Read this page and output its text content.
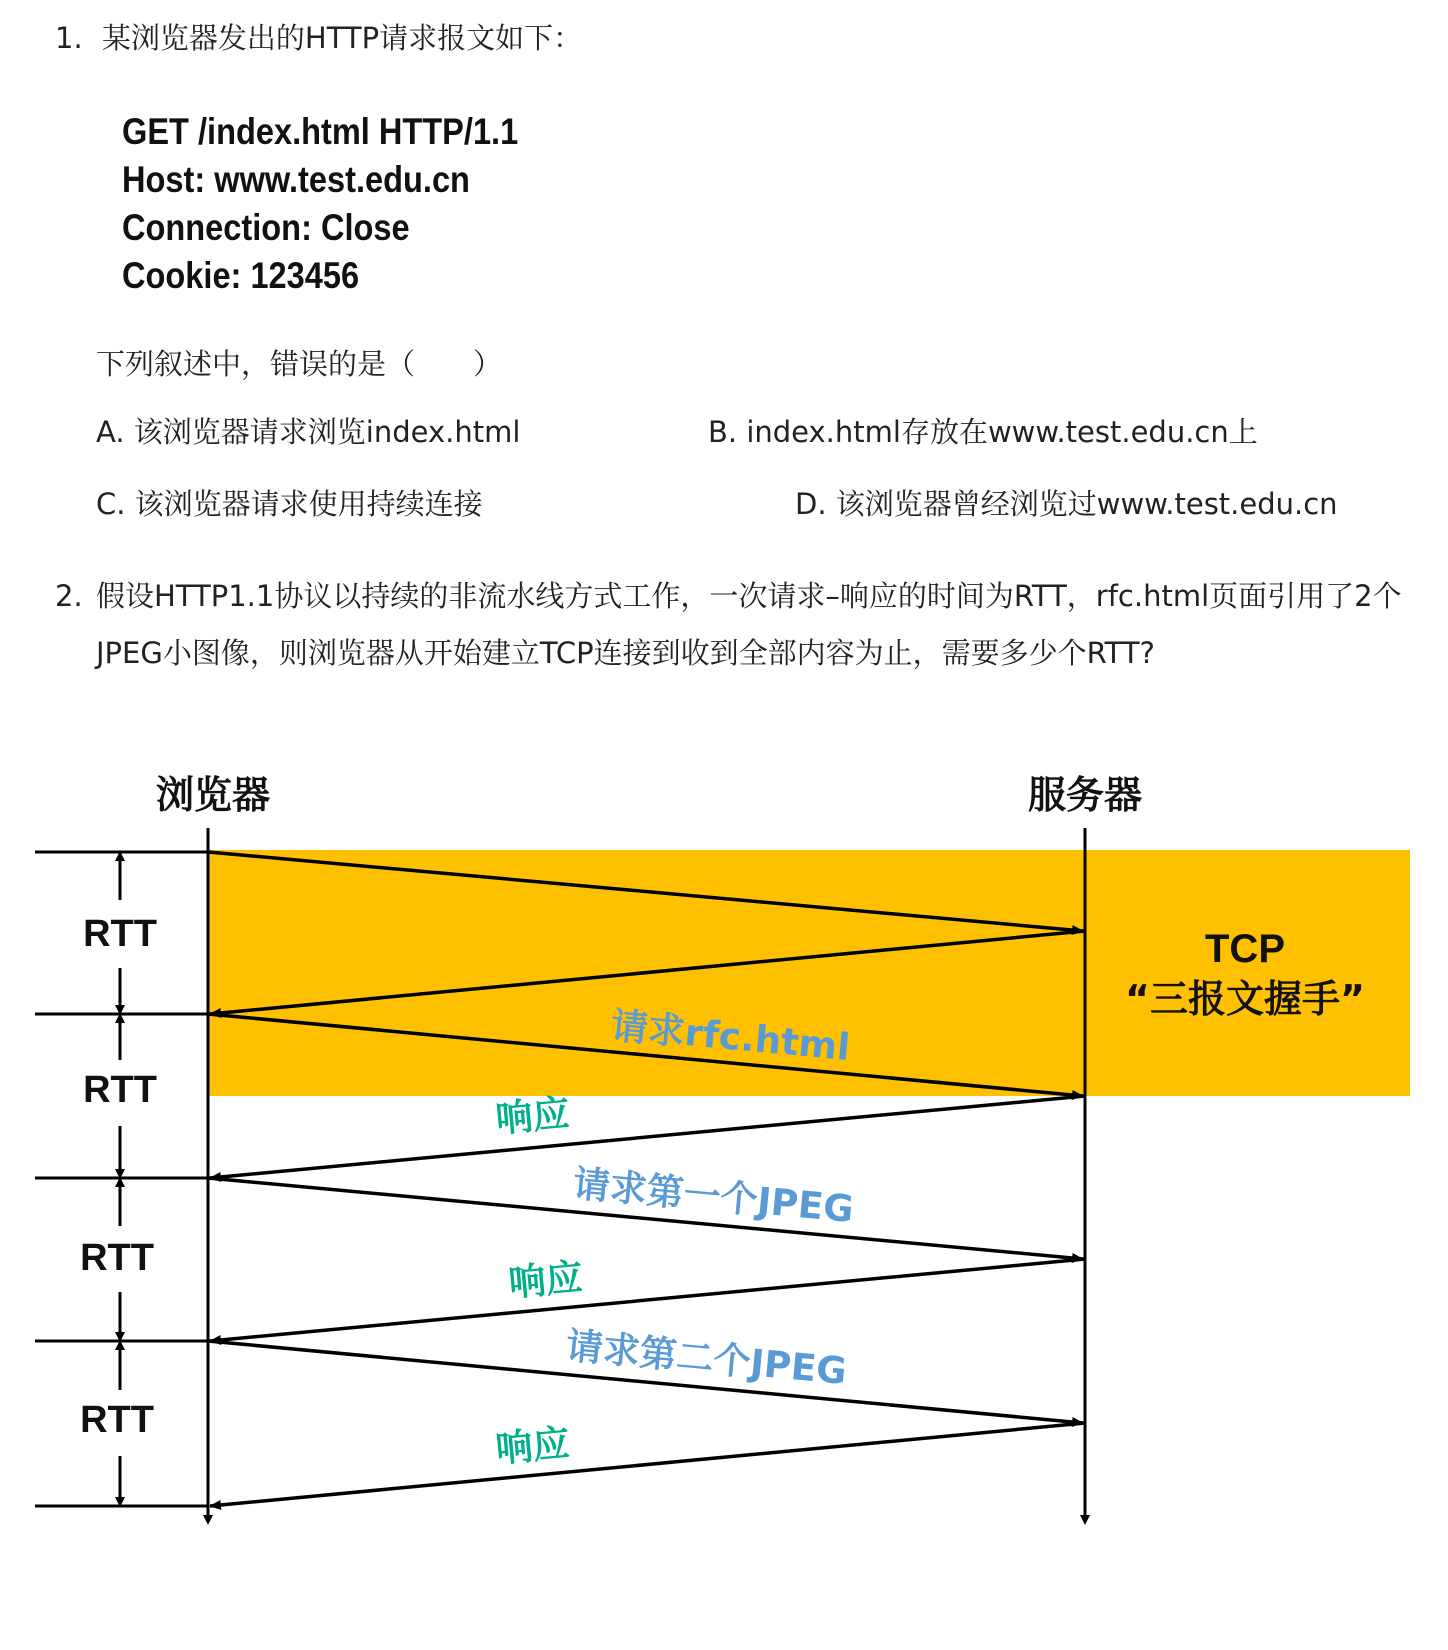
1. 某浏览器发出的HTTP请求报文如下：
GET /index.html HTTP/1.1
Host: www.test.edu.cn
Connection: Close
Cookie: 123456
下列叙述中，错误的是（　　）
A. 该浏览器请求浏览index.html	B. index.html存放在www.test.edu.cn上
C. 该浏览器请求使用持续连接	D. 该浏览器曾经浏览过www.test.edu.cn
2. 假设HTTP1.1协议以持续的非流水线方式工作，一次请求–响应的时间为RTT，rfc.html页面引用了2个JPEG小图像，则浏览器从开始建立TCP连接到收到全部内容为止，需要多少个RTT?
浏览器	服务器
RTT
RTT
RTT
RTT
TCP
“三报文握手”
请求rfc.html
响应
请求第一个JPEG
响应
请求第二个JPEG
响应
